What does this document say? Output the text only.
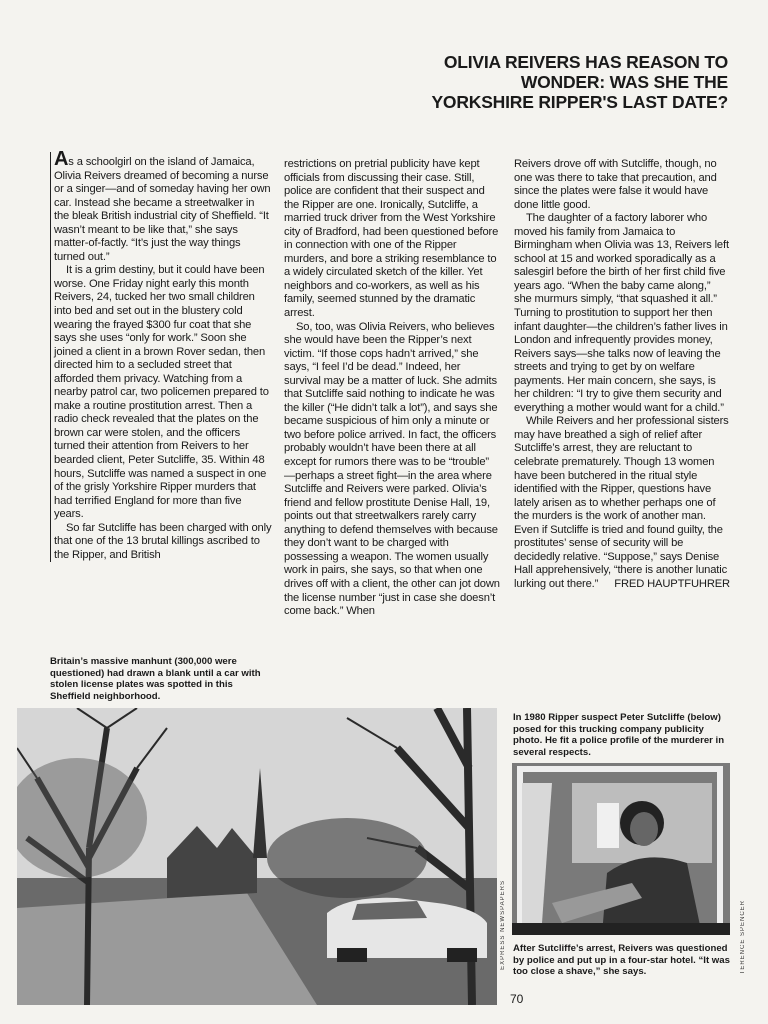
OLIVIA REIVERS HAS REASON TO
WONDER: WAS SHE THE
YORKSHIRE RIPPER'S LAST DATE?

As a schoolgirl on the island of Jamaica, Olivia Reivers dreamed of becoming a nurse or a singer—and of someday having her own car. Instead she became a streetwalker in the bleak British industrial city of Sheffield. “It wasn’t meant to be like that,” she says matter-of-factly. “It’s just the way things turned out.”

It is a grim destiny, but it could have been worse. One Friday night early this month Reivers, 24, tucked her two small children into bed and set out in the blustery cold wearing the frayed $300 fur coat that she says she uses “only for work.” Soon she joined a client in a brown Rover sedan, then directed him to a secluded street that afforded them privacy. Watching from a nearby patrol car, two policemen prepared to make a routine prostitution arrest. Then a radio check revealed that the plates on the brown car were stolen, and the officers turned their attention from Reivers to her bearded client, Peter Sutcliffe, 35. Within 48 hours, Sutcliffe was named a suspect in one of the grisly Yorkshire Ripper murders that had terrified England for more than five years.

So far Sutcliffe has been charged with only that one of the 13 brutal killings ascribed to the Ripper, and British

restrictions on pretrial publicity have kept officials from discussing their case. Still, police are confident that their suspect and the Ripper are one. Ironically, Sutcliffe, a married truck driver from the West Yorkshire city of Bradford, had been questioned before in connection with one of the Ripper murders, and bore a striking resemblance to a widely circulated sketch of the killer. Yet neighbors and co-workers, as well as his family, seemed stunned by the dramatic arrest.

So, too, was Olivia Reivers, who believes she would have been the Ripper’s next victim. “If those cops hadn’t arrived,” she says, “I feel I’d be dead.” Indeed, her survival may be a matter of luck. She admits that Sutcliffe said nothing to indicate he was the killer (“He didn’t talk a lot”), and says she became suspicious of him only a minute or two before police arrived. In fact, the officers probably wouldn’t have been there at all except for rumors there was to be “trouble” —perhaps a street fight—in the area where Sutcliffe and Reivers were parked. Olivia’s friend and fellow prostitute Denise Hall, 19, points out that streetwalkers rarely carry anything to defend themselves with because they don’t want to be charged with possessing a weapon. The women usually work in pairs, she says, so that when one drives off with a client, the other can jot down the license number “just in case she doesn’t come back.” When

Reivers drove off with Sutcliffe, though, no one was there to take that precaution, and since the plates were false it would have done little good.

The daughter of a factory laborer who moved his family from Jamaica to Birmingham when Olivia was 13, Reivers left school at 15 and worked sporadically as a salesgirl before the birth of her first child five years ago. “When the baby came along,” she murmurs simply, “that squashed it all.” Turning to prostitution to support her then infant daughter—the children’s father lives in London and infrequently provides money, Reivers says—she talks now of leaving the streets and trying to get by on welfare payments. Her main concern, she says, is her children: “I try to give them security and everything a mother would want for a child.”

While Reivers and her professional sisters may have breathed a sigh of relief after Sutcliffe’s arrest, they are reluctant to celebrate prematurely. Though 13 women have been butchered in the ritual style identified with the Ripper, questions have lately arisen as to whether perhaps one of the murders is the work of another man. Even if Sutcliffe is tried and found guilty, the prostitutes’ sense of security will be decidedly relative. “Suppose,” says Denise Hall apprehensively, “there is another lunatic lurking out there.”	FRED HAUPTFUHRER

Britain’s massive manhunt (300,000 were questioned) had drawn a blank until a car with stolen license plates was spotted in this Sheffield neighborhood.
EXPRESS NEWSPAPERS
In 1980 Ripper suspect Peter Sutcliffe (below) posed for this trucking company publicity photo. He fit a police profile of the murderer in several respects.
TERENCE SPENCER
After Sutcliffe’s arrest, Reivers was questioned by police and put up in a four-star hotel. “It was too close a shave,” she says.
70
